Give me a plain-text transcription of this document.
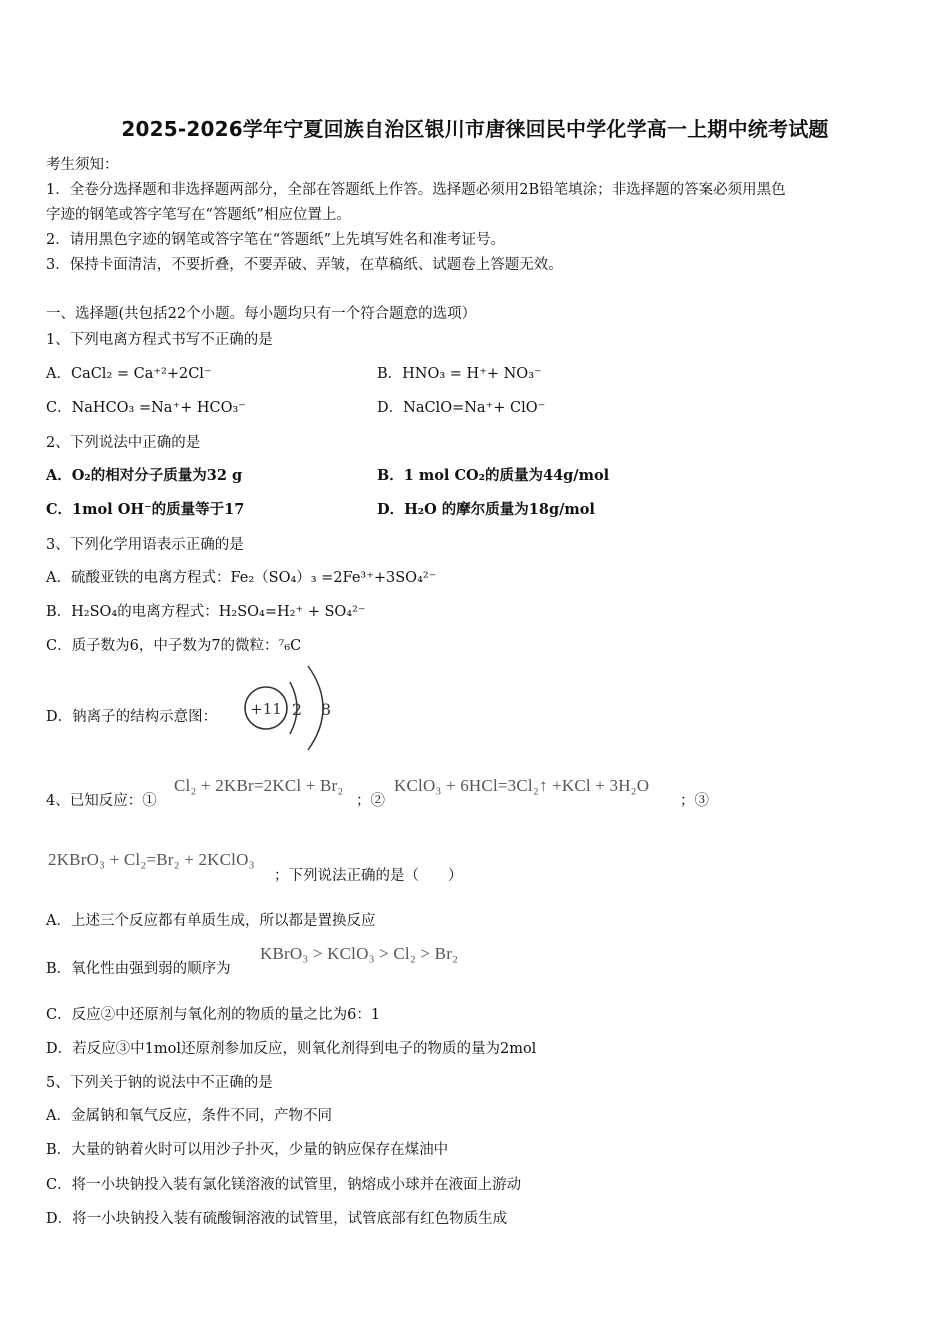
2025-2026学年宁夏回族自治区银川市唐徕回民中学化学高一上期中统考试题
考生须知：
1．全卷分选择题和非选择题两部分，全部在答题纸上作答。选择题必须用2B铅笔填涂；非选择题的答案必须用黑色
字迹的钢笔或答字笔写在“答题纸”相应位置上。
2．请用黑色字迹的钢笔或答字笔在“答题纸”上先填写姓名和准考证号。
3．保持卡面清洁，不要折叠，不要弄破、弄皱，在草稿纸、试题卷上答题无效。
一、选择题(共包括22个小题。每小题均只有一个符合题意的选项）
1、下列电离方程式书写不正确的是
A．CaCl₂ = Ca⁺²+2Cl⁻	B．HNO₃ = H⁺+ NO₃⁻
C．NaHCO₃ =Na⁺+ HCO₃⁻	D．NaClO=Na⁺+ ClO⁻
2、下列说法中正确的是
A．O₂的相对分子质量为32 g	B．1 mol CO₂的质量为44g/mol
C．1mol OH⁻的质量等于17	D．H₂O 的摩尔质量为18g/mol
3、下列化学用语表示正确的是
A．硫酸亚铁的电离方程式：Fe₂（SO₄）₃ =2Fe³⁺+3SO₄²⁻
B．H₂SO₄的电离方程式：H₂SO₄=H₂⁺ + SO₄²⁻
C．质子数为6，中子数为7的微粒：⁷₆C
D．钠离子的结构示意图： +11 2 8
4、已知反应：①
Cl₂ + 2KBr=2KCl + Br₂
；②
KClO₃ + 6HCl=3Cl₂↑ +KCl + 3H₂O
；③
2KBrO₃ + Cl₂=Br₂ + 2KClO₃
；下列说法正确的是（　　）
A．上述三个反应都有单质生成，所以都是置换反应
B．氧化性由强到弱的顺序为
KBrO₃ > KClO₃ > Cl₂ > Br₂
C．反应②中还原剂与氧化剂的物质的量之比为6：1
D．若反应③中1mol还原剂参加反应，则氧化剂得到电子的物质的量为2mol
5、下列关于钠的说法中不正确的是
A．金属钠和氧气反应，条件不同，产物不同
B．大量的钠着火时可以用沙子扑灭，少量的钠应保存在煤油中
C．将一小块钠投入装有氯化镁溶液的试管里，钠熔成小球并在液面上游动
D．将一小块钠投入装有硫酸铜溶液的试管里，试管底部有红色物质生成
